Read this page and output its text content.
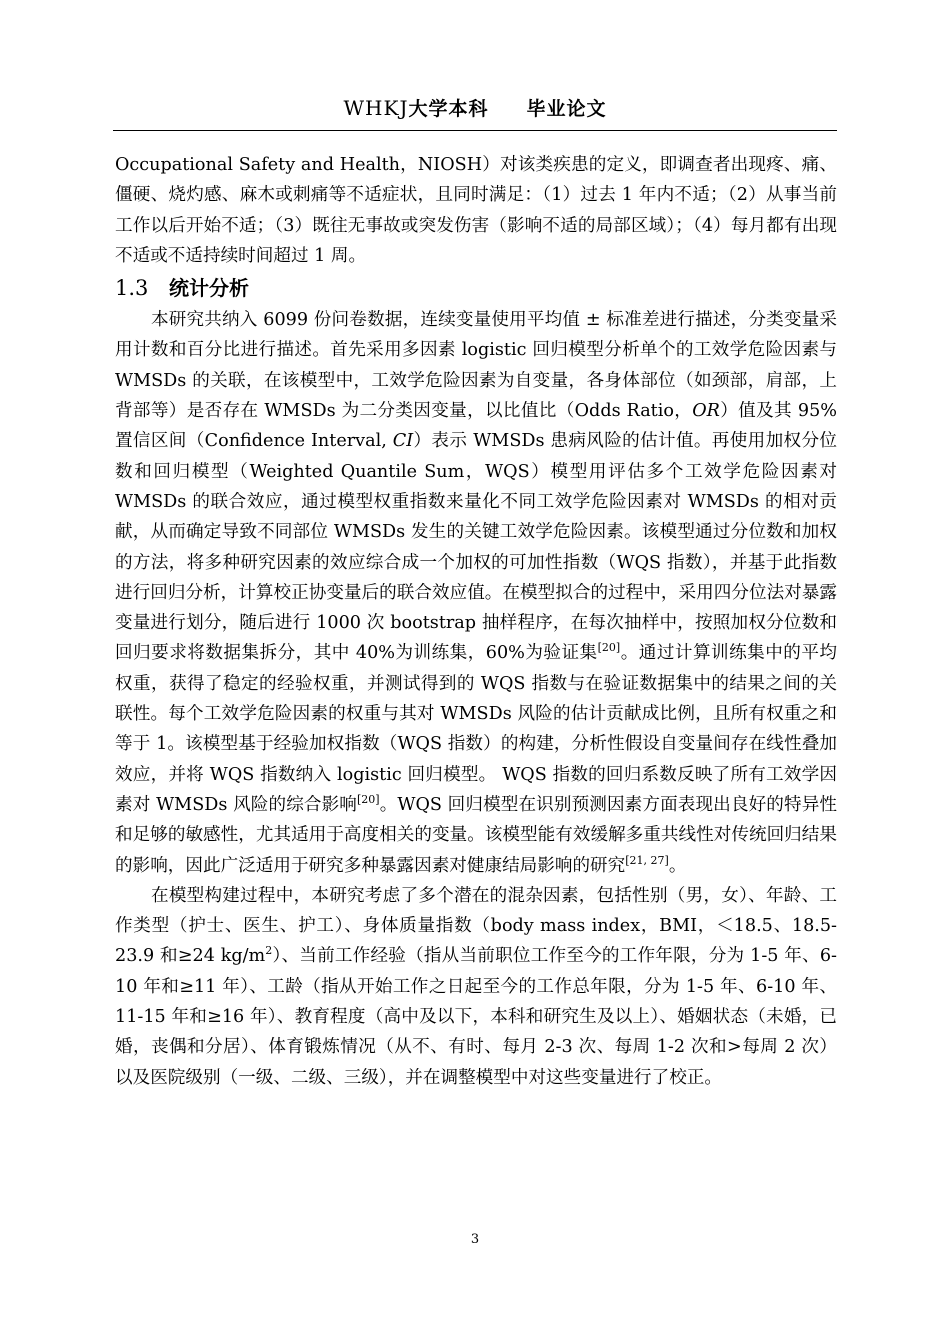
WHKJ大学本科 毕业论文

Occupational Safety and Health，NIOSH）对该类疾患的定义，即调查者出现疼、痛、僵硬、烧灼感、麻木或刺痛等不适症状，且同时满足：（1）过去 1 年内不适；（2）从事当前工作以后开始不适；（3）既往无事故或突发伤害（影响不适的局部区域）；（4）每月都有出现不适或不适持续时间超过 1 周。

1.3 统计分析

本研究共纳入 6099 份问卷数据，连续变量使用平均值 ± 标准差进行描述，分类变量采用计数和百分比进行描述。首先采用多因素 logistic 回归模型分析单个的工效学危险因素与 WMSDs 的关联，在该模型中，工效学危险因素为自变量，各身体部位（如颈部，肩部，上背部等）是否存在 WMSDs 为二分类因变量，以比值比（Odds Ratio，OR）值及其 95%置信区间（Confidence Interval, CI）表示 WMSDs 患病风险的估计值。再使用加权分位数和回归模型（Weighted Quantile Sum，WQS）模型用评估多个工效学危险因素对 WMSDs 的联合效应，通过模型权重指数来量化不同工效学危险因素对 WMSDs 的相对贡献，从而确定导致不同部位 WMSDs 发生的关键工效学危险因素。该模型通过分位数和加权的方法，将多种研究因素的效应综合成一个加权的可加性指数（WQS 指数），并基于此指数进行回归分析，计算校正协变量后的联合效应值。在模型拟合的过程中，采用四分位法对暴露变量进行划分，随后进行 1000 次 bootstrap 抽样程序，在每次抽样中，按照加权分位数和回归要求将数据集拆分，其中 40%为训练集，60%为验证集[20]。通过计算训练集中的平均权重，获得了稳定的经验权重，并测试得到的 WQS 指数与在验证数据集中的结果之间的关联性。每个工效学危险因素的权重与其对 WMSDs 风险的估计贡献成比例，且所有权重之和等于 1。该模型基于经验加权指数（WQS 指数）的构建，分析性假设自变量间存在线性叠加效应，并将 WQS 指数纳入 logistic 回归模型。 WQS 指数的回归系数反映了所有工效学因素对 WMSDs 风险的综合影响[20]。WQS 回归模型在识别预测因素方面表现出良好的特异性和足够的敏感性，尤其适用于高度相关的变量。该模型能有效缓解多重共线性对传统回归结果的影响，因此广泛适用于研究多种暴露因素对健康结局影响的研究[21, 27]。

在模型构建过程中，本研究考虑了多个潜在的混杂因素，包括性别（男，女）、年龄、工作类型（护士、医生、护工）、身体质量指数（body mass index，BMI，＜18.5、18.5-23.9 和≥24 $kg/m^2$）、当前工作经验（指从当前职位工作至今的工作年限，分为 1-5 年、6-10 年和≥11 年）、工龄（指从开始工作之日起至今的工作总年限，分为 1-5 年、6-10 年、11-15 年和≥16 年）、教育程度（高中及以下，本科和研究生及以上）、婚姻状态（未婚，已婚，丧偶和分居）、体育锻炼情况（从不、有时、每月 2-3 次、每周 1-2 次和>每周 2 次）以及医院级别（一级、二级、三级），并在调整模型中对这些变量进行了校正。

3
